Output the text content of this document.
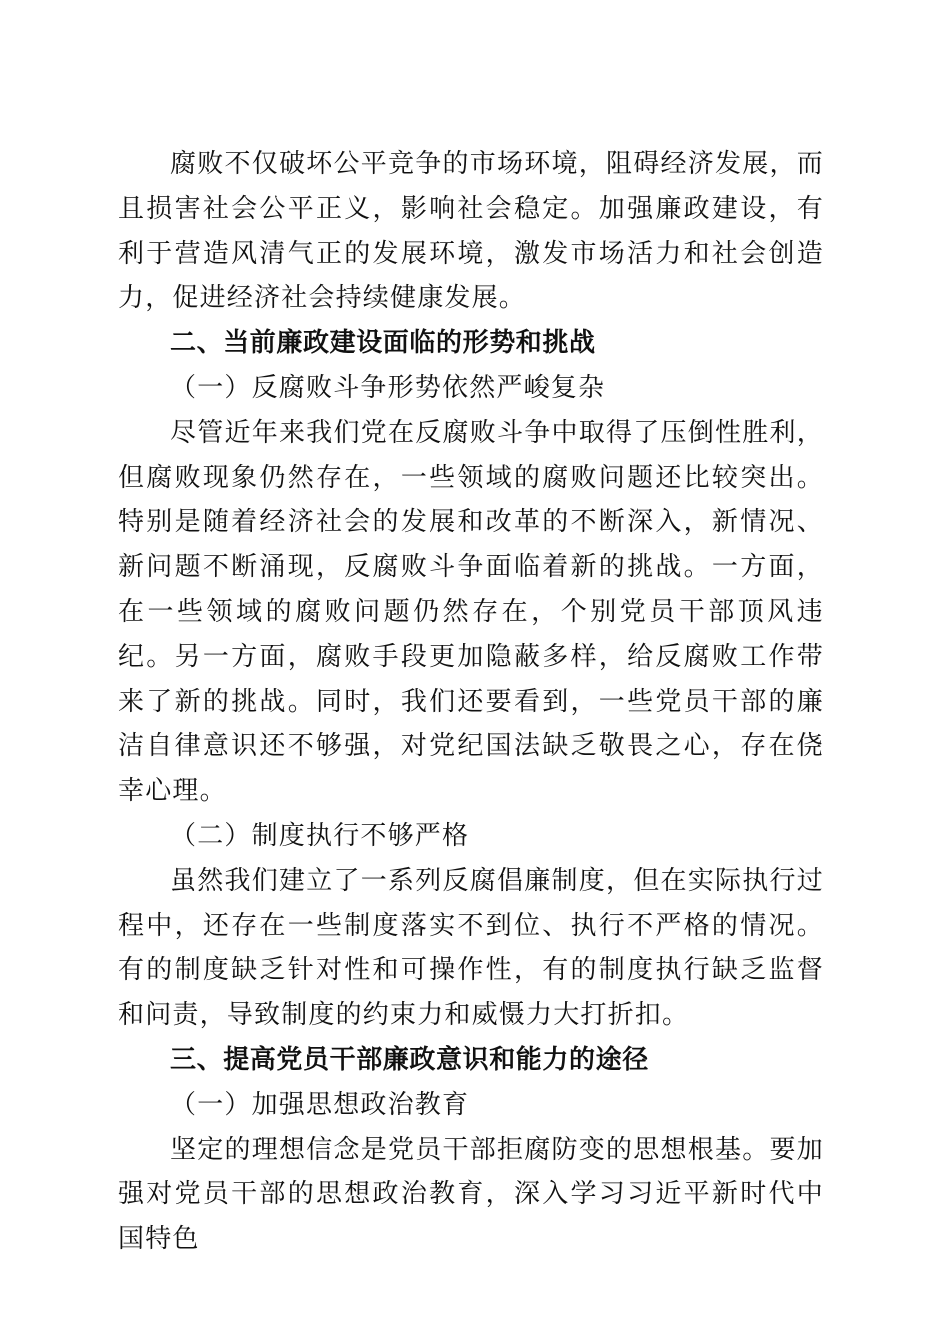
腐败不仅破坏公平竞争的市场环境，阻碍经济发展，而且损害社会公平正义，影响社会稳定。加强廉政建设，有利于营造风清气正的发展环境，激发市场活力和社会创造力，促进经济社会持续健康发展。

二、当前廉政建设面临的形势和挑战

（一）反腐败斗争形势依然严峻复杂

尽管近年来我们党在反腐败斗争中取得了压倒性胜利，但腐败现象仍然存在，一些领域的腐败问题还比较突出。特别是随着经济社会的发展和改革的不断深入，新情况、新问题不断涌现，反腐败斗争面临着新的挑战。一方面，在一些领域的腐败问题仍然存在，个别党员干部顶风违纪。另一方面，腐败手段更加隐蔽多样，给反腐败工作带来了新的挑战。同时，我们还要看到，一些党员干部的廉洁自律意识还不够强，对党纪国法缺乏敬畏之心，存在侥幸心理。

（二）制度执行不够严格

虽然我们建立了一系列反腐倡廉制度，但在实际执行过程中，还存在一些制度落实不到位、执行不严格的情况。有的制度缺乏针对性和可操作性，有的制度执行缺乏监督和问责，导致制度的约束力和威慑力大打折扣。

三、提高党员干部廉政意识和能力的途径

（一）加强思想政治教育

坚定的理想信念是党员干部拒腐防变的思想根基。要加强对党员干部的思想政治教育，深入学习习近平新时代中国特色
